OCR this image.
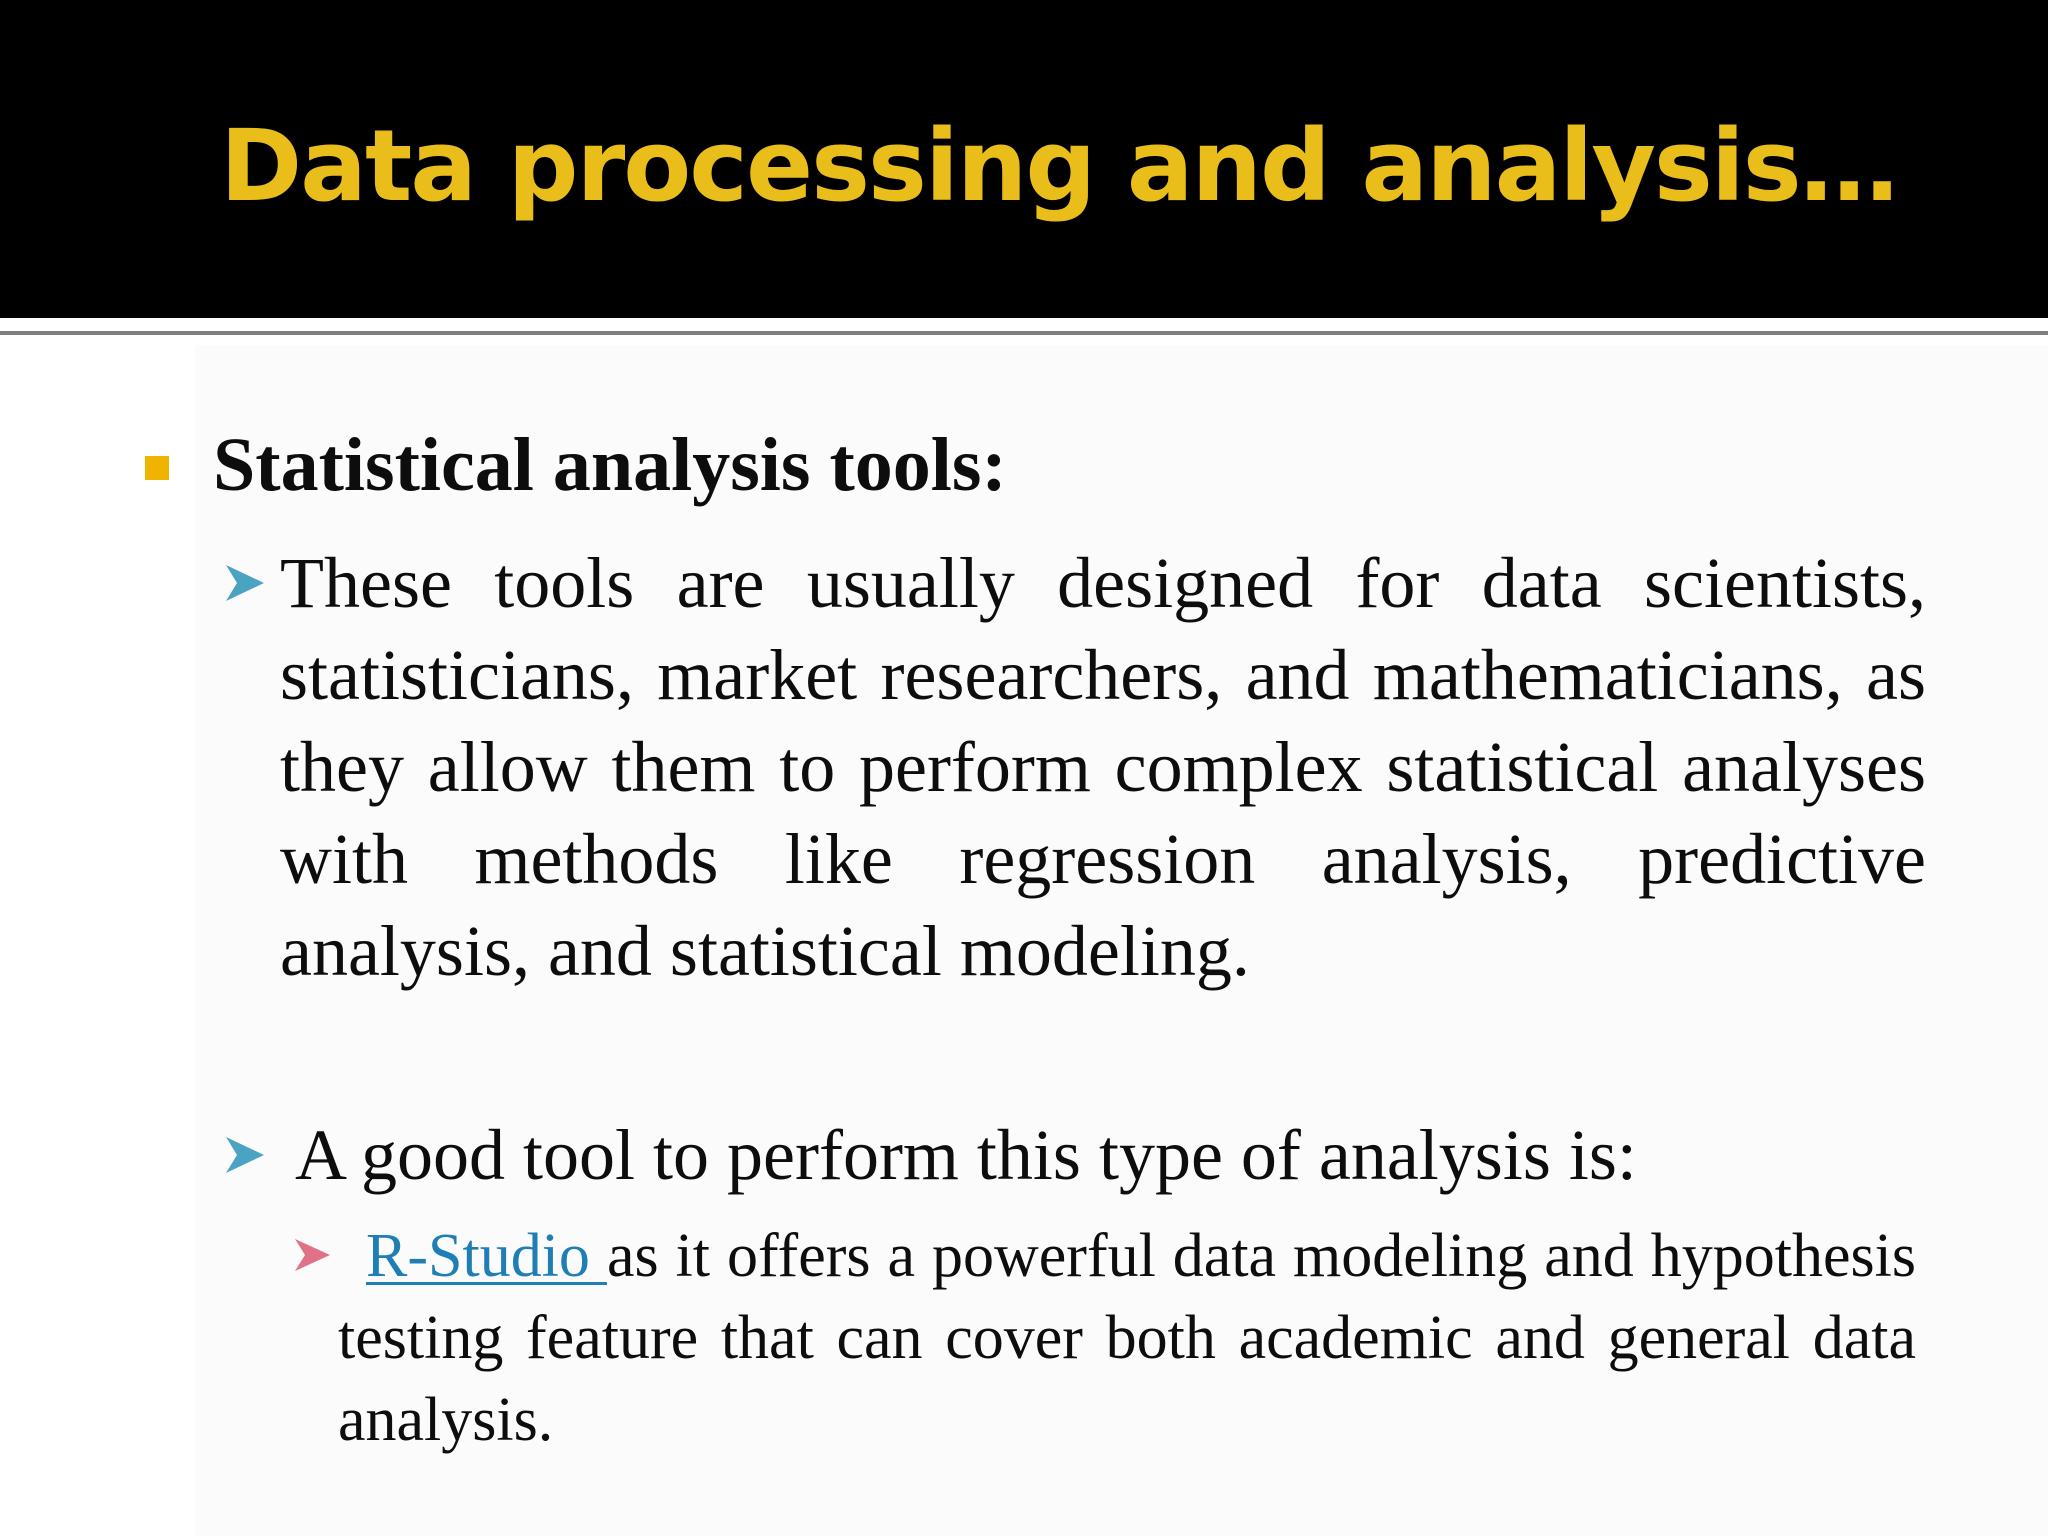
Data processing and analysis…
Statistical analysis tools:

These tools are usually designed for data scientists, statisticians, market researchers, and mathematicians, as they allow them to perform complex statistical analyses with methods like regression analysis, predictive analysis, and statistical modeling.

A good tool to perform this type of analysis is:

R-Studio as it offers a powerful data modeling and hypothesis testing feature that can cover both academic and general data analysis.
